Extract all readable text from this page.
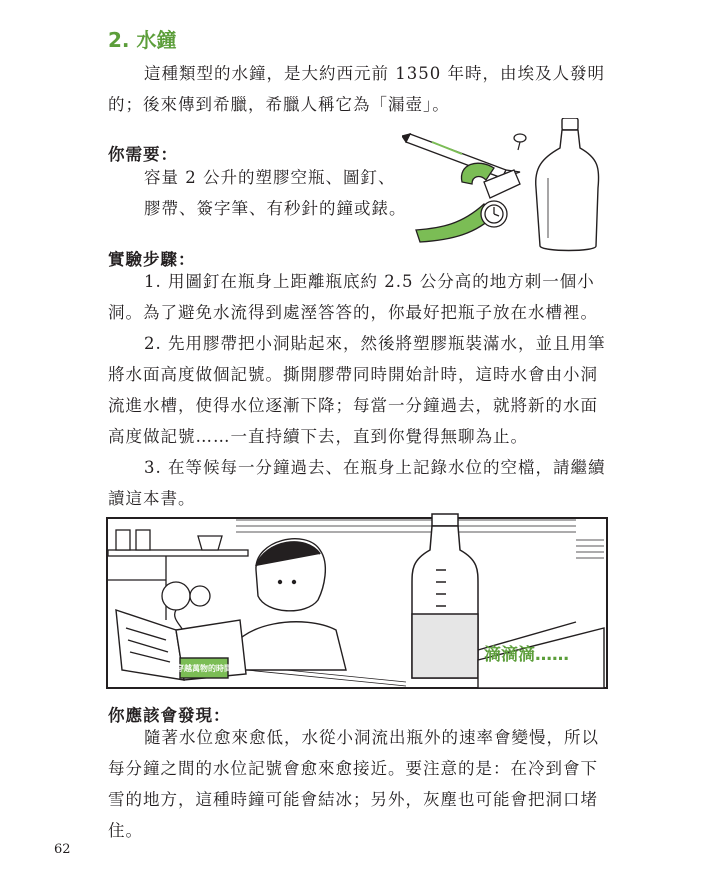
2. 水鐘

這種類型的水鐘，是大約西元前 1350 年時，由埃及人發明的；後來傳到希臘，希臘人稱它為「漏壺」。

你需要：
容量 2 公升的塑膠空瓶、圖釘、
膠帶、簽字筆、有秒針的鐘或錶。
實驗步驟：

1. 用圖釘在瓶身上距離瓶底約 2.5 公分高的地方刺一個小洞。為了避免水流得到處溼答答的，你最好把瓶子放在水槽裡。

2. 先用膠帶把小洞貼起來，然後將塑膠瓶裝滿水，並且用筆將水面高度做個記號。撕開膠帶同時開始計時，這時水會由小洞流進水槽，使得水位逐漸下降；每當一分鐘過去，就將新的水面高度做記號……一直持續下去，直到你覺得無聊為止。

3. 在等候每一分鐘過去、在瓶身上記錄水位的空檔，請繼續讀這本書。

穿越萬物的時間
滴滴滴……
你應該會發現：

隨著水位愈來愈低，水從小洞流出瓶外的速率會變慢，所以每分鐘之間的水位記號會愈來愈接近。要注意的是：在冷到會下雪的地方，這種時鐘可能會結冰；另外，灰塵也可能會把洞口堵住。

62
